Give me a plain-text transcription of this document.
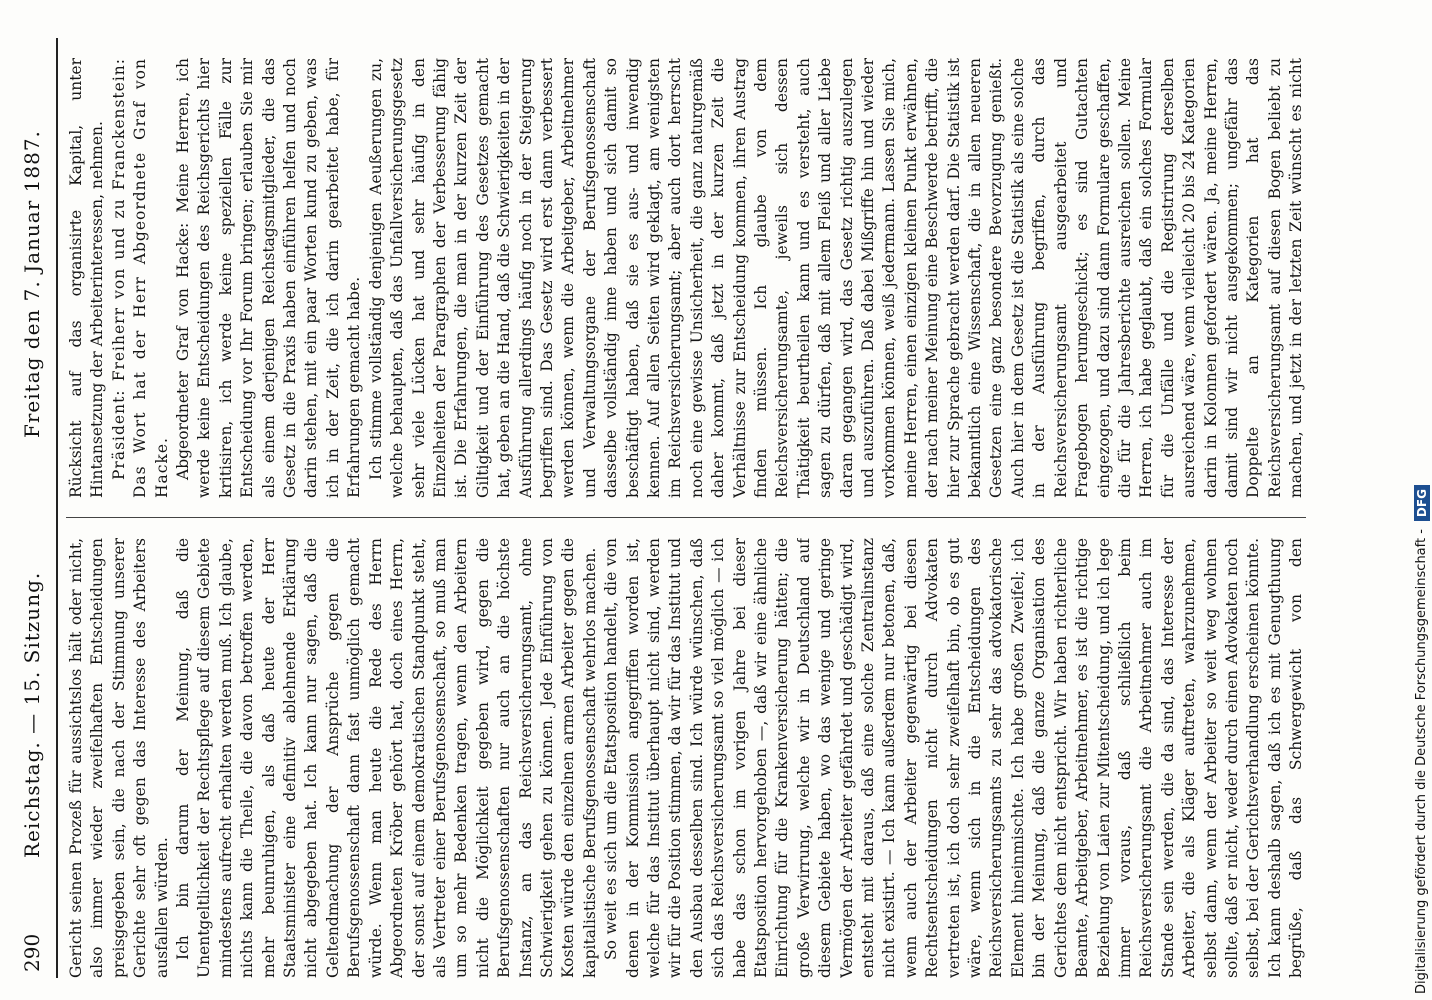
290
Reichstag. — 15. Sitzung.
Freitag den 7. Januar 1887.

Gericht seinen Prozeß für aussichtslos hält oder nicht, also immer wieder zweifelhaften Entscheidungen preisgegeben sein, die nach der Stimmung unserer Gerichte sehr oft gegen das Interesse des Arbeiters ausfallen würden. Ich bin darum der Meinung, daß die Unentgeltlichkeit der Rechtspflege auf diesem Gebiete mindestens aufrecht erhalten werden muß. Ich glaube, nichts kann die Theile, die davon betroffen werden, mehr beunruhigen, als daß heute der Herr Staatsminister eine definitiv ablehnende Erklärung nicht abgegeben hat. Ich kann nur sagen, daß die Geltendmachung der Ansprüche gegen die Berufsgenossenschaft dann fast unmöglich gemacht würde. Wenn man heute die Rede des Herrn Abgeordneten Kröber gehört hat, doch eines Herrn, der sonst auf einem demokratischen Standpunkt steht, als Vertreter einer Berufsgenossenschaft, so muß man um so mehr Bedenken tragen, wenn den Arbeitern nicht die Möglichkeit gegeben wird, gegen die Berufsgenossenschaften nur auch an die höchste Instanz, an das Reichsversicherungsamt, ohne Schwierigkeit gehen zu können. Jede Einführung von Kosten würde den einzelnen armen Arbeiter gegen die kapitalistische Berufsgenossenschaft wehrlos machen. So weit es sich um die Etatsposition handelt, die von denen in der Kommission angegriffen worden ist, welche für das Institut überhaupt nicht sind, werden wir für die Position stimmen, da wir für das Institut und den Ausbau desselben sind. Ich würde wünschen, daß sich das Reichsversicherungsamt so viel möglich — ich habe das schon im vorigen Jahre bei dieser Etatsposition hervorgehoben —, daß wir eine ähnliche Einrichtung für die Krankenversicherung hätten; die große Verwirrung, welche wir in Deutschland auf diesem Gebiete haben, wo das wenige und geringe Vermögen der Arbeiter gefährdet und geschädigt wird, entsteht mit daraus, daß eine solche Zentralinstanz nicht existirt. — Ich kann außerdem nur betonen, daß, wenn auch der Arbeiter gegenwärtig bei diesen Rechtsentscheidungen nicht durch Advokaten vertreten ist, ich doch sehr zweifelhaft bin, ob es gut wäre, wenn sich in die Entscheidungen des Reichsversicherungsamts zu sehr das advokatorische Element hineinmischte. Ich habe großen Zweifel; ich bin der Meinung, daß die ganze Organisation des Gerichtes dem nicht entspricht. Wir haben richterliche Beamte, Arbeitgeber, Arbeitnehmer, es ist die richtige Beziehung von Laien zur Mitentscheidung, und ich lege immer voraus, daß schließlich beim Reichsversicherungsamt die Arbeitnehmer auch im Stande sein werden, die da sind, das Interesse der Arbeiter, die als Kläger auftreten, wahrzunehmen, selbst dann, wenn der Arbeiter so weit weg wohnen sollte, daß er nicht, weder durch einen Advokaten noch selbst, bei der Gerichtsverhandlung erscheinen könnte. Ich kann deshalb sagen, daß ich es mit Genugthuung begrüße, daß das Schwergewicht von den

Rücksicht auf das organisirte Kapital, unter Hintansetzung der Arbeiterinteressen, nehmen. Präsident: Freiherr von und zu Franckenstein: Das Wort hat der Herr Abgeordnete Graf von Hacke. Abgeordneter Graf von Hacke: Meine Herren, ich werde keine Entscheidungen des Reichsgerichts hier kritisiren, ich werde keine speziellen Fälle zur Entscheidung vor Ihr Forum bringen; erlauben Sie mir als einem derjenigen Reichstagsmitglieder, die das Gesetz in die Praxis haben einführen helfen und noch darin stehen, mit ein paar Worten kund zu geben, was ich in der Zeit, die ich darin gearbeitet habe, für Erfahrungen gemacht habe. Ich stimme vollständig denjenigen Aeußerungen zu, welche behaupten, daß das Unfallversicherungsgesetz sehr viele Lücken hat und sehr häufig in den Einzelheiten der Paragraphen der Verbesserung fähig ist. Die Erfahrungen, die man in der kurzen Zeit der Giltigkeit und der Einführung des Gesetzes gemacht hat, geben an die Hand, daß die Schwierigkeiten in der Ausführung allerdings häufig noch in der Steigerung begriffen sind. Das Gesetz wird erst dann verbessert werden können, wenn die Arbeitgeber, Arbeitnehmer und Verwaltungsorgane der Berufsgenossenschaft dasselbe vollständig inne haben und sich damit so beschäftigt haben, daß sie es aus- und inwendig kennen. Auf allen Seiten wird geklagt, am wenigsten im Reichsversicherungsamt; aber auch dort herrscht noch eine gewisse Unsicherheit, die ganz naturgemäß daher kommt, daß jetzt in der kurzen Zeit die Verhältnisse zur Entscheidung kommen, ihren Austrag finden müssen. Ich glaube von dem Reichsversicherungsamte, jeweils sich dessen Thätigkeit beurtheilen kann und es versteht, auch sagen zu dürfen, daß mit allem Fleiß und aller Liebe daran gegangen wird, das Gesetz richtig auszulegen und auszuführen. Daß dabei Mißgriffe hin und wieder vorkommen können, weiß jedermann. Lassen Sie mich, meine Herren, einen einzigen kleinen Punkt erwähnen, der nach meiner Meinung eine Beschwerde betrifft, die hier zur Sprache gebracht werden darf. Die Statistik ist bekanntlich eine Wissenschaft, die in allen neueren Gesetzen eine ganz besondere Bevorzugung genießt. Auch hier in dem Gesetz ist die Statistik als eine solche in der Ausführung begriffen, durch das Reichsversicherungsamt ausgearbeitet und Fragebogen herumgeschickt; es sind Gutachten eingezogen, und dazu sind dann Formulare geschaffen, die für die Jahresberichte ausreichen sollen. Meine Herren, ich habe geglaubt, daß ein solches Formular für die Unfälle und die Registrirung derselben ausreichend wäre, wenn vielleicht 20 bis 24 Kategorien darin in Kolonnen gefordert wären. Ja, meine Herren, damit sind wir nicht ausgekommen; ungefähr das Doppelte an Kategorien hat das Reichsversicherungsamt auf diesen Bogen beliebt zu machen, und jetzt in der letzten Zeit wünscht es nicht

Digitalisierung gefördert durch die Deutsche Forschungsgemeinschaft -DFG
